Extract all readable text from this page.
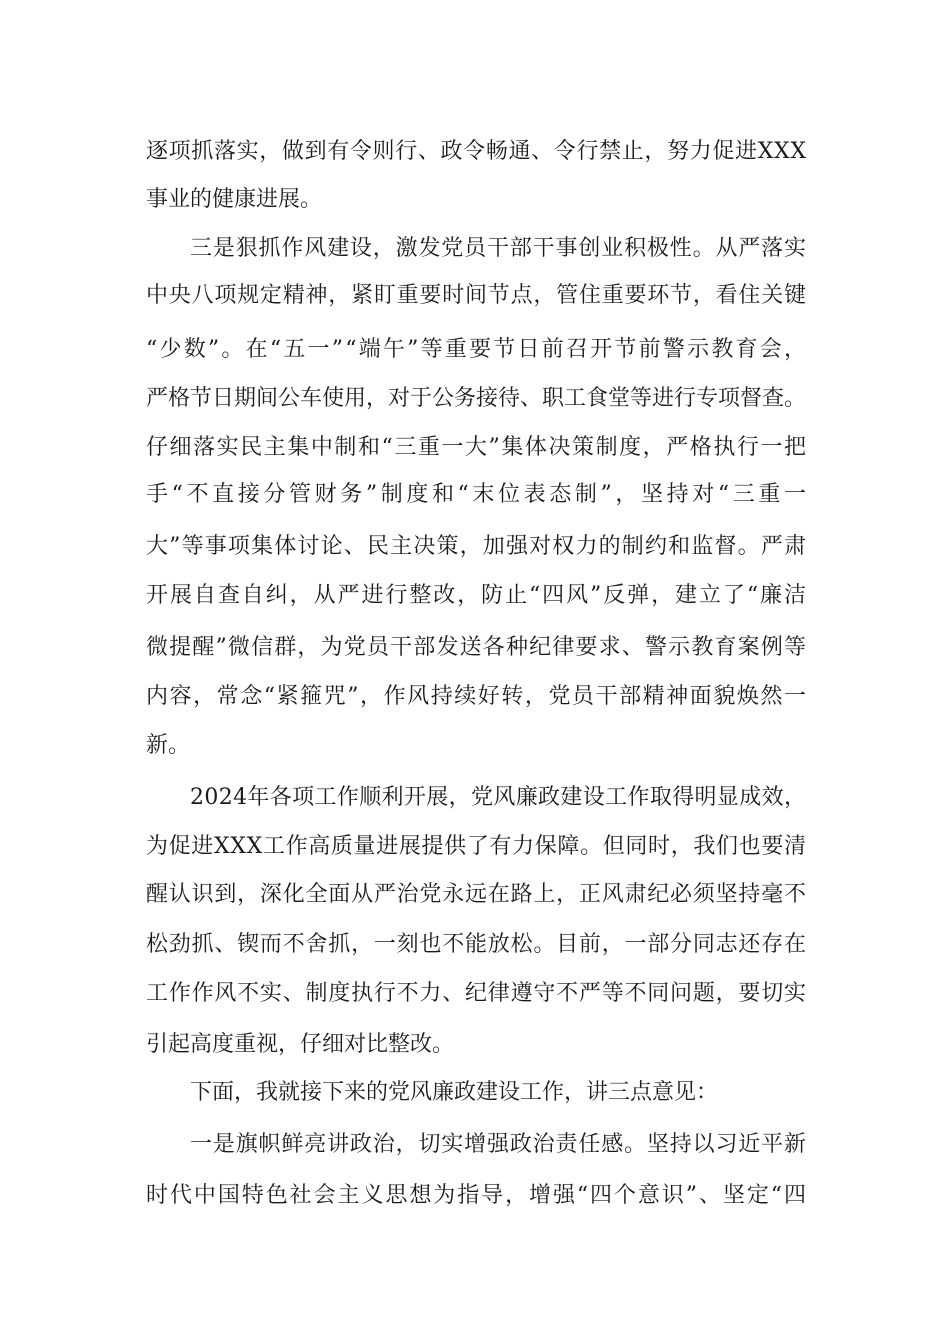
逐项抓落实，做到有令则行、政令畅通、令行禁止，努力促进XXX
事业的健康进展。
三是狠抓作风建设，激发党员干部干事创业积极性。从严落实
中央八项规定精神，紧盯重要时间节点，管住重要环节，看住关键
“少数”。在“五一”“端午”等重要节日前召开节前警示教育会，
严格节日期间公车使用，对于公务接待、职工食堂等进行专项督查。
仔细落实民主集中制和“三重一大”集体决策制度，严格执行一把
手“不直接分管财务”制度和“末位表态制”，坚持对“三重一
大”等事项集体讨论、民主决策，加强对权力的制约和监督。严肃
开展自查自纠，从严进行整改，防止“四风”反弹，建立了“廉洁
微提醒”微信群，为党员干部发送各种纪律要求、警示教育案例等
内容，常念“紧箍咒”，作风持续好转，党员干部精神面貌焕然一
新。
2024年各项工作顺利开展，党风廉政建设工作取得明显成效，
为促进XXX工作高质量进展提供了有力保障。但同时，我们也要清
醒认识到，深化全面从严治党永远在路上，正风肃纪必须坚持毫不
松劲抓、锲而不舍抓，一刻也不能放松。目前，一部分同志还存在
工作作风不实、制度执行不力、纪律遵守不严等不同问题，要切实
引起高度重视，仔细对比整改。
下面，我就接下来的党风廉政建设工作，讲三点意见：
一是旗帜鲜亮讲政治，切实增强政治责任感。坚持以习近平新
时代中国特色社会主义思想为指导，增强“四个意识”、坚定“四
